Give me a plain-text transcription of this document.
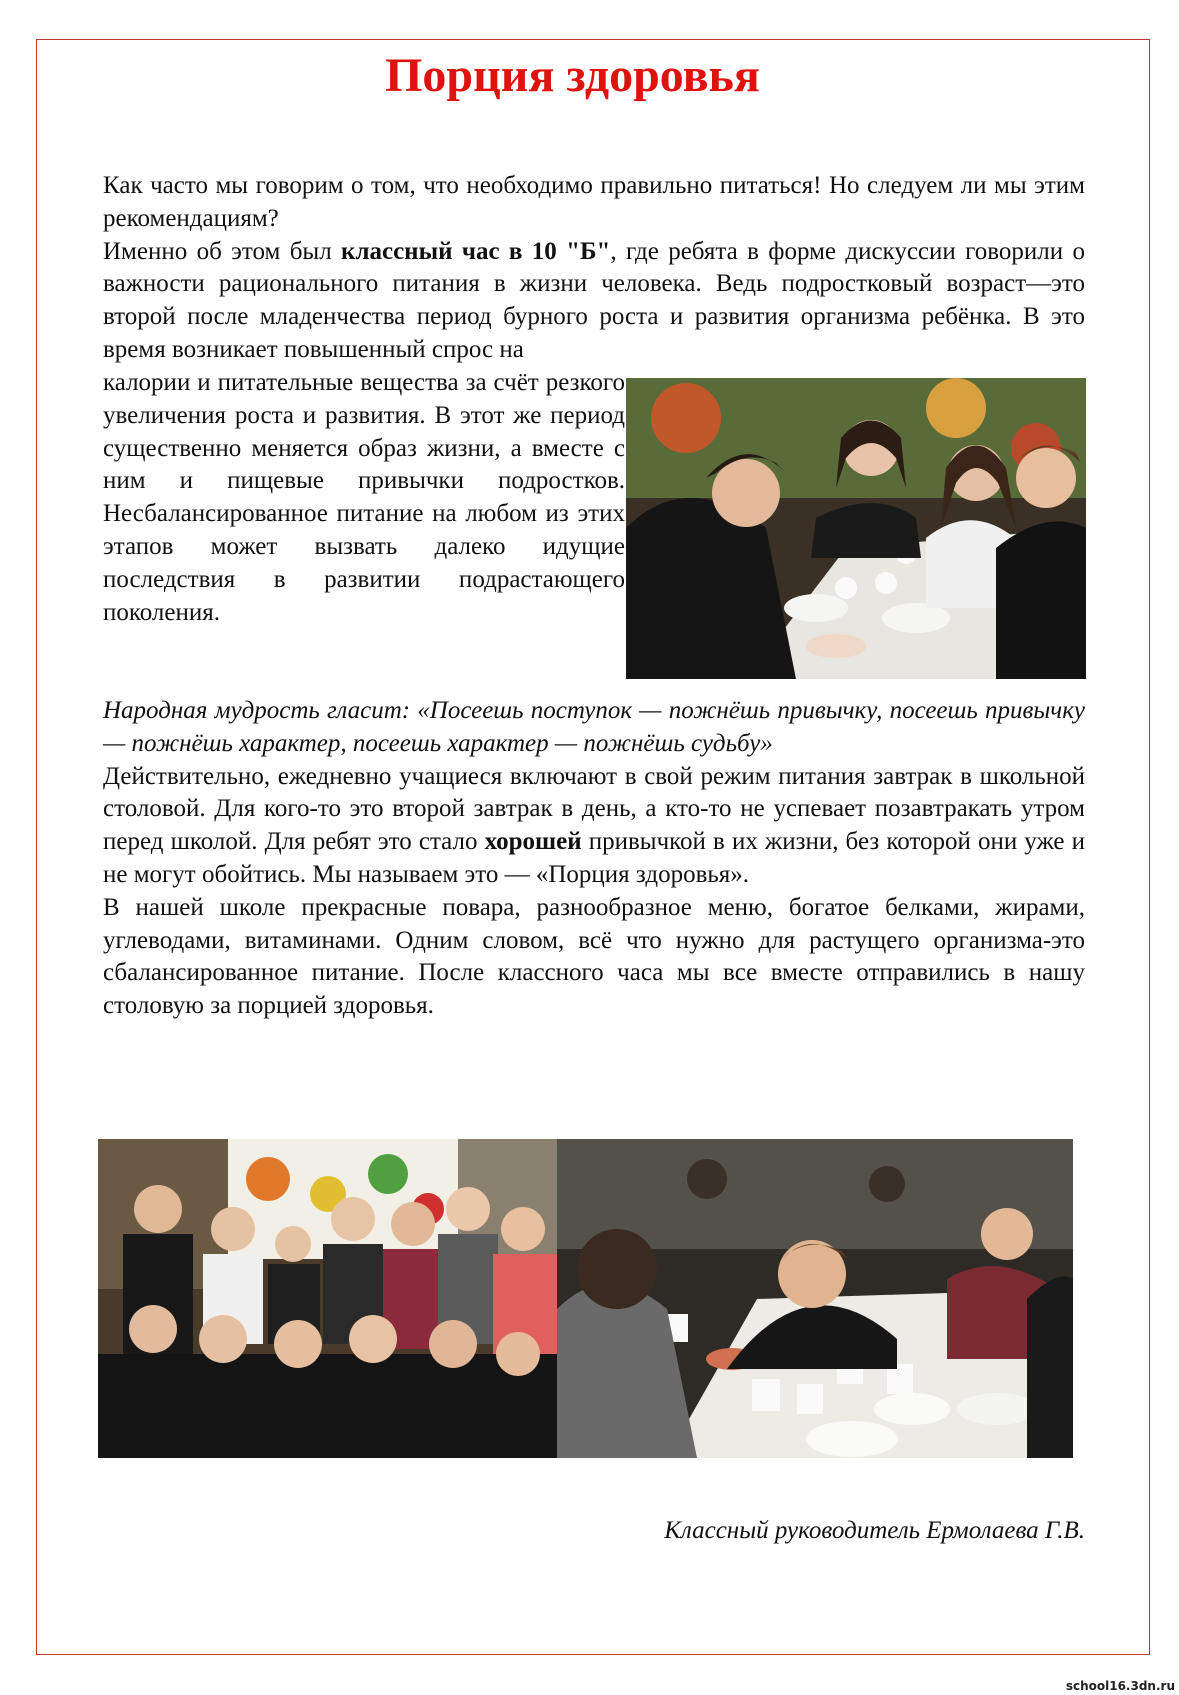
Порция здоровья

Как часто мы говорим о том, что необходимо правильно питаться! Но следуем ли мы этим рекомендациям?

Именно об этом был классный час в 10 "Б", где ребята в форме дискуссии говорили о важности рационального питания в жизни человека. Ведь подростковый возраст—это второй после младенчества период бурного роста и развития организма ребёнка. В это время возникает повышенный спрос на

калории и питательные вещества за счёт резкого увеличения роста и развития. В этот же период существенно меняется образ жизни, а вместе с ним и пищевые привычки подростков. Несбалансированное питание на любом из этих этапов может вызвать далеко идущие последствия в развитии подрастающего поколения.

Народная мудрость гласит: «Посеешь поступок — пожнёшь привычку, посеешь привычку — пожнёшь характер, посеешь характер — пожнёшь судьбу»

Действительно, ежедневно учащиеся включают в свой режим питания завтрак в школьной столовой. Для кого-то это второй завтрак в день, а кто-то не успевает позавтракать утром перед школой. Для ребят это стало хорошей привычкой в их жизни, без которой они уже и не могут обойтись. Мы называем это — «Порция здоровья».

В нашей школе прекрасные повара, разнообразное меню, богатое белками, жирами, углеводами, витаминами. Одним словом, всё что нужно для растущего организма-это сбалансированное питание. После классного часа мы все вместе отправились в нашу столовую за порцией здоровья.

Классный руководитель Ермолаева Г.В.

school16.3dn.ru
